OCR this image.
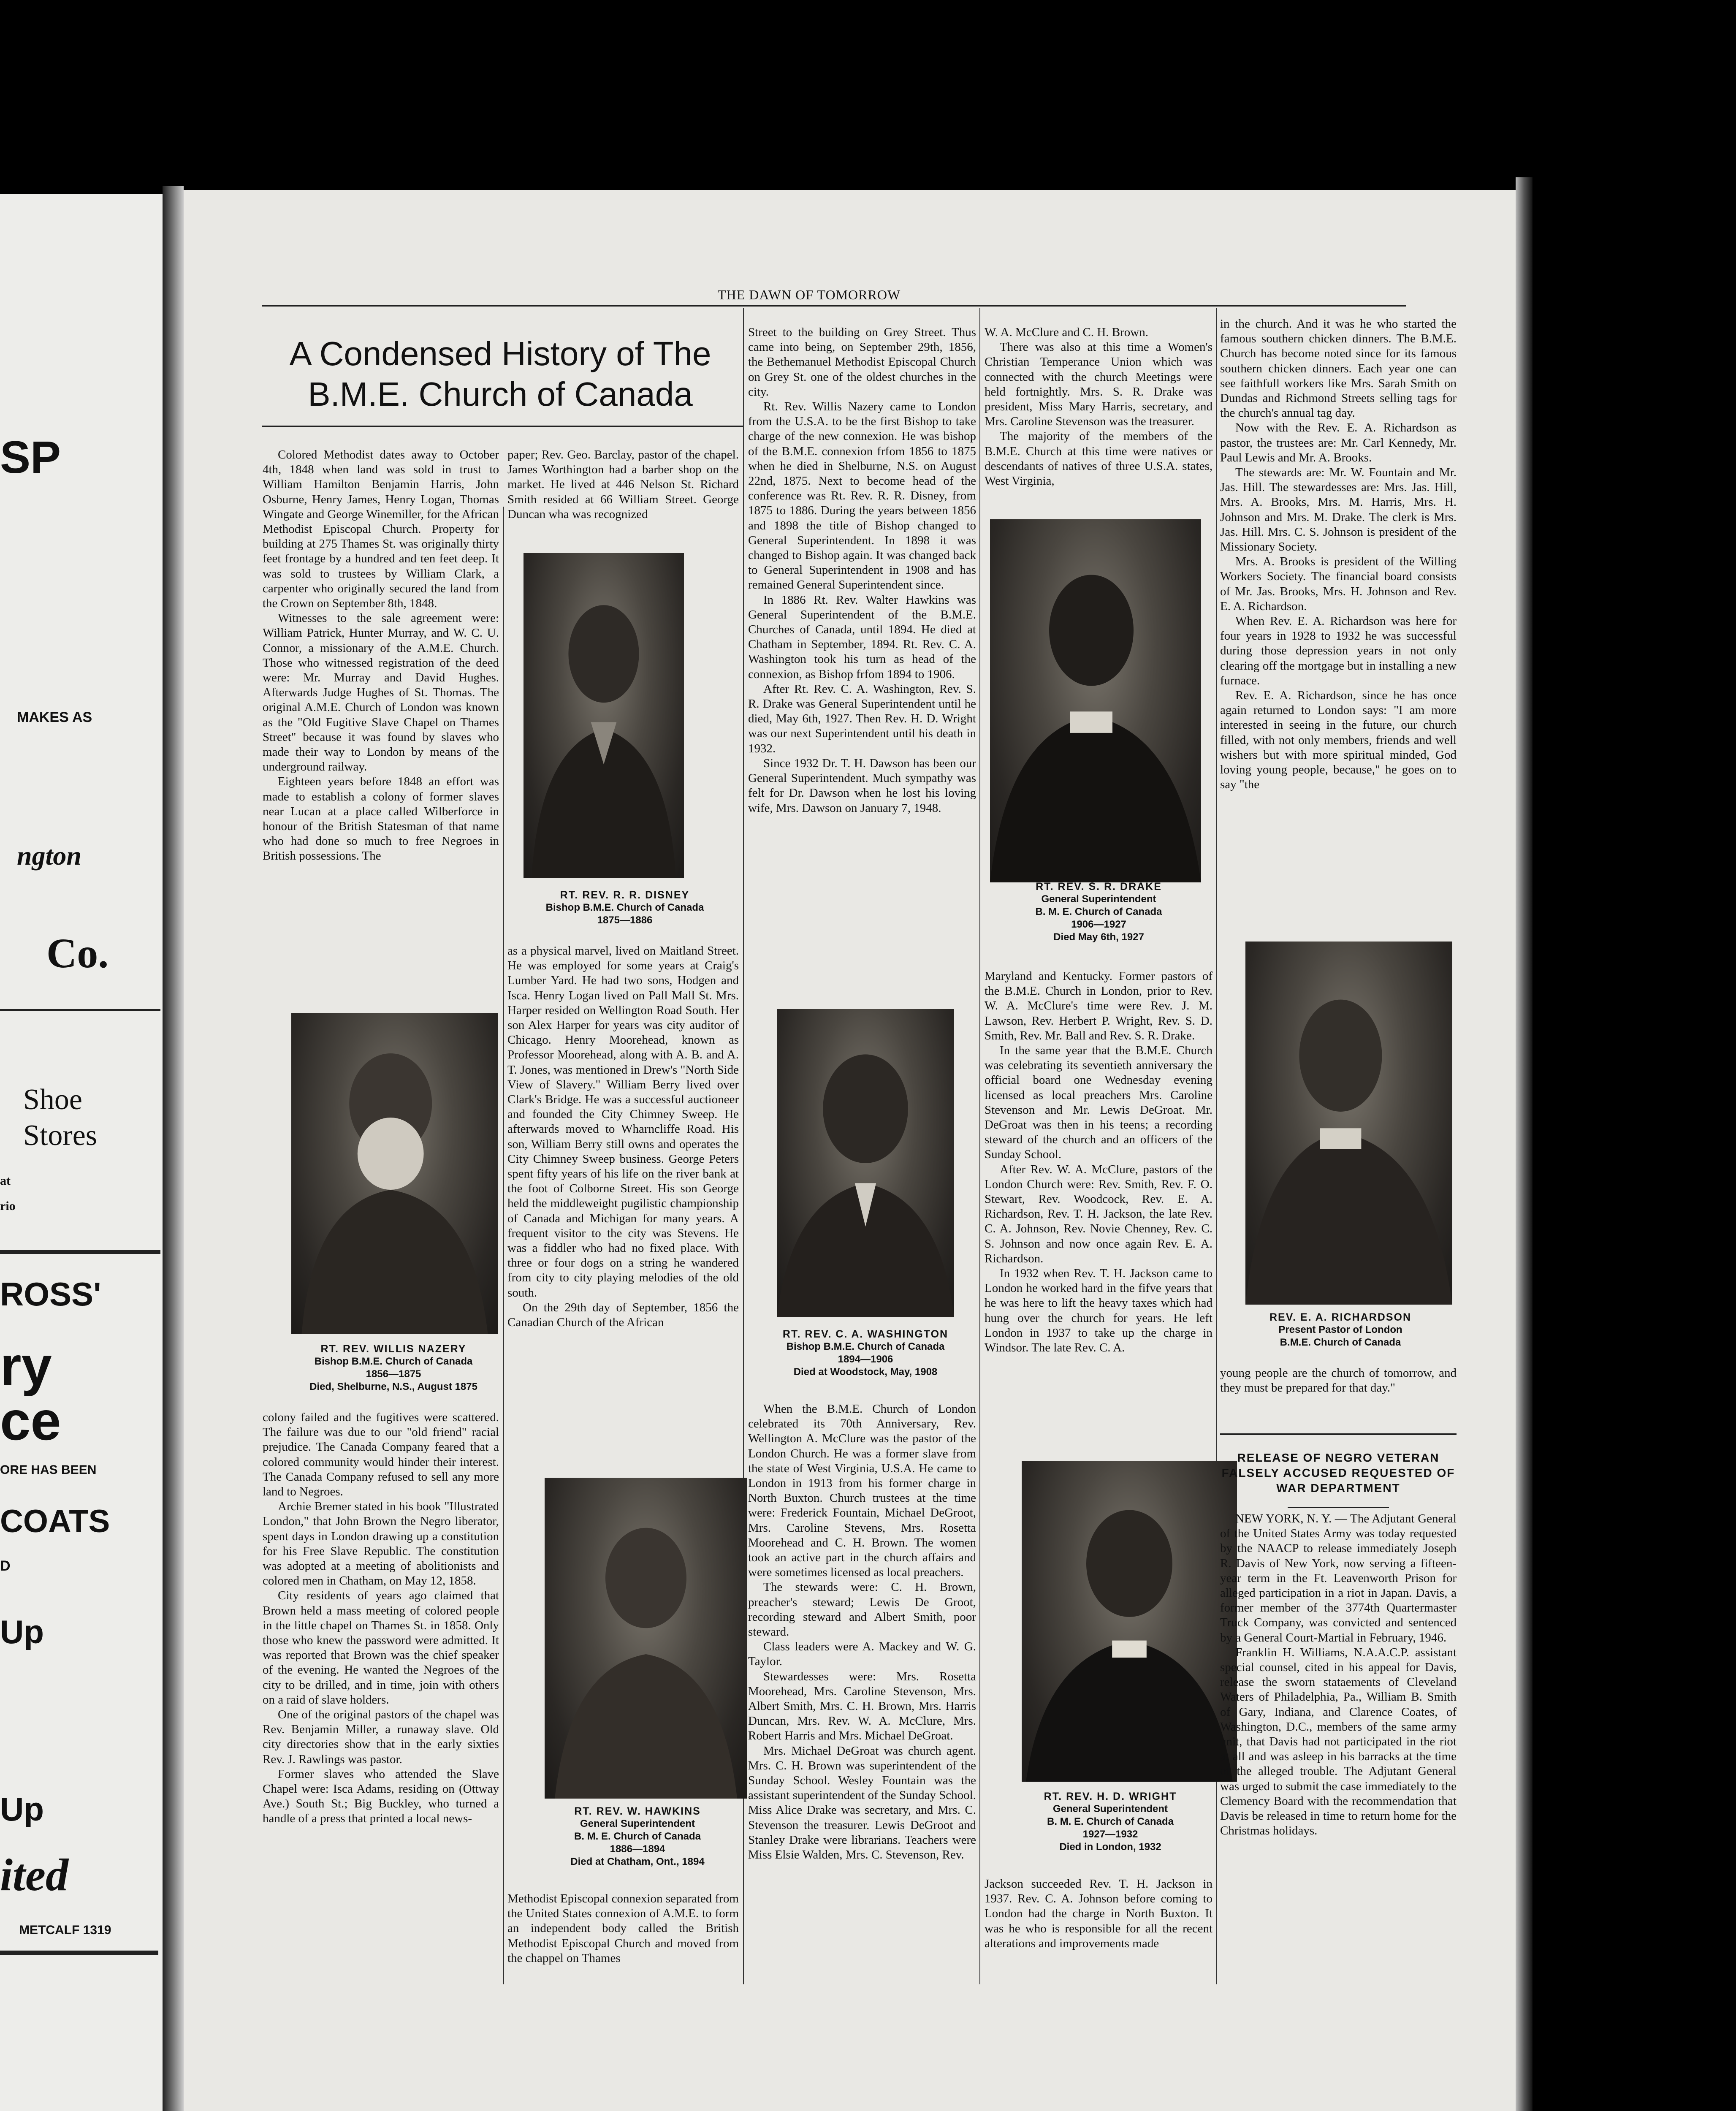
SP
MAKES AS
ngton
Co.
Shoe
Stores
at
rio
ROSS'
ry
ce
ORE HAS BEEN
COATS
D
Up
Up
ited
METCALF 1319
THE DAWN OF TOMORROW
A Condensed History of The
B.M.E. Church of Canada

Colored Methodist dates away to October 4th, 1848 when land was sold in trust to William Hamilton Benjamin Harris, John Osburne, Henry James, Henry Logan, Thomas Wingate and George Winemiller, for the African Methodist Episcopal Church. Property for building at 275 Thames St. was originally thirty feet frontage by a hundred and ten feet deep. It was sold to trustees by William Clark, a carpenter who originally secured the land from the Crown on September 8th, 1848.

Witnesses to the sale agreement were: William Patrick, Hunter Murray, and W. C. U. Connor, a missionary of the A.M.E. Church. Those who witnessed registration of the deed were: Mr. Murray and David Hughes. Afterwards Judge Hughes of St. Thomas. The original A.M.E. Church of London was known as the "Old Fugitive Slave Chapel on Thames Street" because it was found by slaves who made their way to London by means of the underground railway.

Eighteen years before 1848 an effort was made to establish a colony of former slaves near Lucan at a place called Wilberforce in honour of the British Statesman of that name who had done so much to free Negroes in British possessions. The

paper; Rev. Geo. Barclay, pastor of the chapel. James Worthington had a barber shop on the market. He lived at 446 Nelson St. Richard Smith resided at 66 William Street. George Duncan wha was recognized

RT. REV. R. R. DISNEY
Bishop B.M.E. Church of Canada
1875—1886

as a physical marvel, lived on Maitland Street. He was employed for some years at Craig's Lumber Yard. He had two sons, Hodgen and Isca. Henry Logan lived on Pall Mall St. Mrs. Harper resided on Wellington Road South. Her son Alex Harper for years was city auditor of Chicago. Henry Moorehead, known as Professor Moorehead, along with A. B. and A. T. Jones, was mentioned in Drew's "North Side View of Slavery." William Berry lived over Clark's Bridge. He was a successful auctioneer and founded the City Chimney Sweep. He afterwards moved to Wharncliffe Road. His son, William Berry still owns and operates the City Chimney Sweep business. George Peters spent fifty years of his life on the river bank at the foot of Colborne Street. His son George held the middleweight pugilistic championship of Canada and Michigan for many years. A frequent visitor to the city was Stevens. He was a fiddler who had no fixed place. With three or four dogs on a string he wandered from city to city playing melodies of the old south.

On the 29th day of September, 1856 the Canadian Church of the African

RT. REV. WILLIS NAZERY
Bishop B.M.E. Church of Canada
1856—1875
Died, Shelburne, N.S., August 1875

colony failed and the fugitives were scattered. The failure was due to our "old friend" racial prejudice. The Canada Company feared that a colored community would hinder their interest. The Canada Company refused to sell any more land to Negroes.

Archie Bremer stated in his book "Illustrated London," that John Brown the Negro liberator, spent days in London drawing up a constitution for his Free Slave Republic. The constitution was adopted at a meeting of abolitionists and colored men in Chatham, on May 12, 1858.

City residents of years ago claimed that Brown held a mass meeting of colored people in the little chapel on Thames St. in 1858. Only those who knew the password were admitted. It was reported that Brown was the chief speaker of the evening. He wanted the Negroes of the city to be drilled, and in time, join with others on a raid of slave holders.

One of the original pastors of the chapel was Rev. Benjamin Miller, a runaway slave. Old city directories show that in the early sixties Rev. J. Rawlings was pastor.

Former slaves who attended the Slave Chapel were: Isca Adams, residing on (Ottway Ave.) South St.; Big Buckley, who turned a handle of a press that printed a local news-

RT. REV. W. HAWKINS
General Superintendent
B. M. E. Church of Canada
1886—1894
Died at Chatham, Ont., 1894

Methodist Episcopal connexion separated from the United States connexion of A.M.E. to form an independent body called the British Methodist Episcopal Church and moved from the chappel on Thames

Street to the building on Grey Street. Thus came into being, on September 29th, 1856, the Bethemanuel Methodist Episcopal Church on Grey St. one of the oldest churches in the city.

Rt. Rev. Willis Nazery came to London from the U.S.A. to be the first Bishop to take charge of the new connexion. He was bishop of the B.M.E. connexion frfom 1856 to 1875 when he died in Shelburne, N.S. on August 22nd, 1875. Next to become head of the conference was Rt. Rev. R. R. Disney, from 1875 to 1886. During the years between 1856 and 1898 the title of Bishop changed to General Superintendent. In 1898 it was changed to Bishop again. It was changed back to General Superintendent in 1908 and has remained General Superintendent since.

In 1886 Rt. Rev. Walter Hawkins was General Superintendent of the B.M.E. Churches of Canada, until 1894. He died at Chatham in September, 1894. Rt. Rev. C. A. Washington took his turn as head of the connexion, as Bishop frfom 1894 to 1906.

After Rt. Rev. C. A. Washington, Rev. S. R. Drake was General Superintendent until he died, May 6th, 1927. Then Rev. H. D. Wright was our next Superintendent until his death in 1932.

Since 1932 Dr. T. H. Dawson has been our General Superintendent. Much sympathy was felt for Dr. Dawson when he lost his loving wife, Mrs. Dawson on January 7, 1948.

RT. REV. C. A. WASHINGTON
Bishop B.M.E. Church of Canada
1894—1906
Died at Woodstock, May, 1908

When the B.M.E. Church of London celebrated its 70th Anniversary, Rev. Wellington A. McClure was the pastor of the London Church. He was a former slave from the state of West Virginia, U.S.A. He came to London in 1913 from his former charge in North Buxton. Church trustees at the time were: Frederick Fountain, Michael DeGroot, Mrs. Caroline Stevens, Mrs. Rosetta Moorehead and C. H. Brown. The women took an active part in the church affairs and were sometimes licensed as local preachers.

The stewards were: C. H. Brown, preacher's steward; Lewis De Groot, recording steward and Albert Smith, poor steward.

Class leaders were A. Mackey and W. G. Taylor.

Stewardesses were: Mrs. Rosetta Moorehead, Mrs. Caroline Stevenson, Mrs. Albert Smith, Mrs. C. H. Brown, Mrs. Harris Duncan, Mrs. Rev. W. A. McClure, Mrs. Robert Harris and Mrs. Michael DeGroat.

Mrs. Michael DeGroat was church agent. Mrs. C. H. Brown was superintendent of the Sunday School. Wesley Fountain was the assistant superintendent of the Sunday School. Miss Alice Drake was secretary, and Mrs. C. Stevenson the treasurer. Lewis DeGroot and Stanley Drake were librarians. Teachers were Miss Elsie Walden, Mrs. C. Stevenson, Rev.

W. A. McClure and C. H. Brown.

There was also at this time a Women's Christian Temperance Union which was connected with the church Meetings were held fortnightly. Mrs. S. R. Drake was president, Miss Mary Harris, secretary, and Mrs. Caroline Stevenson was the treasurer.

The majority of the members of the B.M.E. Church at this time were natives or descendants of natives of three U.S.A. states, West Virginia,

RT. REV. S. R. DRAKE
General Superintendent
B. M. E. Church of Canada
1906—1927
Died May 6th, 1927

Maryland and Kentucky. Former pastors of the B.M.E. Church in London, prior to Rev. W. A. McClure's time were Rev. J. M. Lawson, Rev. Herbert P. Wright, Rev. S. D. Smith, Rev. Mr. Ball and Rev. S. R. Drake.

In the same year that the B.M.E. Church was celebrating its seventieth anniversary the official board one Wednesday evening licensed as local preachers Mrs. Caroline Stevenson and Mr. Lewis DeGroat. Mr. DeGroat was then in his teens; a recording steward of the church and an officers of the Sunday School.

After Rev. W. A. McClure, pastors of the London Church were: Rev. Smith, Rev. F. O. Stewart, Rev. Woodcock, Rev. E. A. Richardson, Rev. T. H. Jackson, the late Rev. C. A. Johnson, Rev. Novie Chenney, Rev. C. S. Johnson and now once again Rev. E. A. Richardson.

In 1932 when Rev. T. H. Jackson came to London he worked hard in the fifve years that he was here to lift the heavy taxes which had hung over the church for years. He left London in 1937 to take up the charge in Windsor. The late Rev. C. A.

RT. REV. H. D. WRIGHT
General Superintendent
B. M. E. Church of Canada
1927—1932
Died in London, 1932

Jackson succeeded Rev. T. H. Jackson in 1937. Rev. C. A. Johnson before coming to London had the charge in North Buxton. It was he who is responsible for all the recent alterations and improvements made

in the church. And it was he who started the famous southern chicken dinners. The B.M.E. Church has become noted since for its famous southern chicken dinners. Each year one can see faithfull workers like Mrs. Sarah Smith on Dundas and Richmond Streets selling tags for the church's annual tag day.

Now with the Rev. E. A. Richardson as pastor, the trustees are: Mr. Carl Kennedy, Mr. Paul Lewis and Mr. A. Brooks.

The stewards are: Mr. W. Fountain and Mr. Jas. Hill. The stewardesses are: Mrs. Jas. Hill, Mrs. A. Brooks, Mrs. M. Harris, Mrs. H. Johnson and Mrs. M. Drake. The clerk is Mrs. Jas. Hill. Mrs. C. S. Johnson is president of the Missionary Society.

Mrs. A. Brooks is president of the Willing Workers Society. The financial board consists of Mr. Jas. Brooks, Mrs. H. Johnson and Rev. E. A. Richardson.

When Rev. E. A. Richardson was here for four years in 1928 to 1932 he was successful during those depression years in not only clearing off the mortgage but in installing a new furnace.

Rev. E. A. Richardson, since he has once again returned to London says: "I am more interested in seeing in the future, our church filled, with not only members, friends and well wishers but with more spiritual minded, God loving young people, because," he goes on to say "the

REV. E. A. RICHARDSON
Present Pastor of London
B.M.E. Church of Canada

young people are the church of tomorrow, and they must be prepared for that day."

RELEASE OF NEGRO VETERAN FALSELY ACCUSED REQUESTED OF WAR DEPARTMENT

NEW YORK, N. Y. — The Adjutant General of the United States Army was today requested by the NAACP to release immediately Joseph R. Davis of New York, now serving a fifteen-year term in the Ft. Leavenworth Prison for alleged participation in a riot in Japan. Davis, a former member of the 3774th Quartermaster Truck Company, was convicted and sentenced by a General Court-Martial in February, 1946.

Franklin H. Williams, N.A.A.C.P. assistant special counsel, cited in his appeal for Davis, release the sworn stataements of Cleveland Waters of Philadelphia, Pa., William B. Smith of Gary, Indiana, and Clarence Coates, of Washington, D.C., members of the same army unit, that Davis had not participated in the riot at all and was asleep in his barracks at the time of the alleged trouble. The Adjutant General was urged to submit the case immediately to the Clemency Board with the recommendation that Davis be released in time to return home for the Christmas holidays.
